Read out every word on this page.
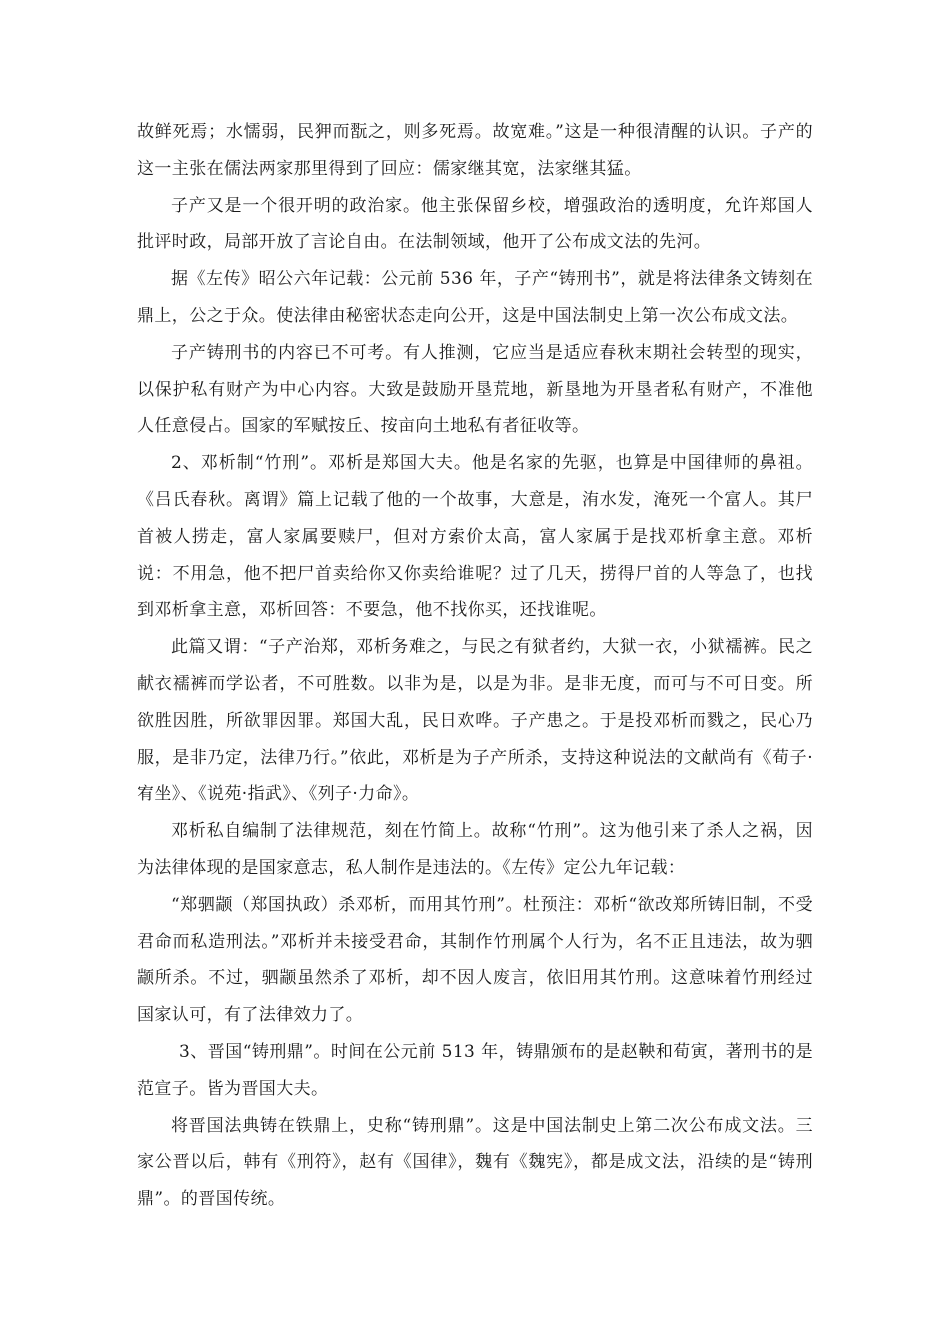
故鲜死焉；水懦弱，民狎而翫之，则多死焉。故宽难。”这是一种很清醒的认识。子产的这一主张在儒法两家那里得到了回应：儒家继其宽，法家继其猛。

子产又是一个很开明的政治家。他主张保留乡校，增强政治的透明度，允许郑国人批评时政，局部开放了言论自由。在法制领域，他开了公布成文法的先河。

据《左传》昭公六年记载：公元前 536 年，子产“铸刑书”，就是将法律条文铸刻在鼎上，公之于众。使法律由秘密状态走向公开，这是中国法制史上第一次公布成文法。

子产铸刑书的内容已不可考。有人推测，它应当是适应春秋末期社会转型的现实，以保护私有财产为中心内容。大致是鼓励开垦荒地，新垦地为开垦者私有财产，不准他人任意侵占。国家的军赋按丘、按亩向土地私有者征收等。

2、邓析制“竹刑”。邓析是郑国大夫。他是名家的先驱，也算是中国律师的鼻祖。《吕氏春秋。离谓》篇上记载了他的一个故事，大意是，洧水发，淹死一个富人。其尸首被人捞走，富人家属要赎尸，但对方索价太高，富人家属于是找邓析拿主意。邓析说：不用急，他不把尸首卖给你又你卖给谁呢？过了几天，捞得尸首的人等急了，也找到邓析拿主意，邓析回答：不要急，他不找你买，还找谁呢。

此篇又谓：“子产治郑，邓析务难之，与民之有狱者约，大狱一衣，小狱襦裤。民之献衣襦裤而学讼者，不可胜数。以非为是，以是为非。是非无度，而可与不可日变。所欲胜因胜，所欲罪因罪。郑国大乱，民日欢哗。子产患之。于是投邓析而戮之，民心乃服，是非乃定，法律乃行。”依此，邓析是为子产所杀，支持这种说法的文献尚有《荀子·宥坐》、《说苑·指武》、《列子·力命》。

邓析私自编制了法律规范，刻在竹简上。故称“竹刑”。这为他引来了杀人之祸，因为法律体现的是国家意志，私人制作是违法的。《左传》定公九年记载：

“郑驷颛（郑国执政）杀邓析，而用其竹刑”。杜预注：邓析“欲改郑所铸旧制，不受君命而私造刑法。”邓析并未接受君命，其制作竹刑属个人行为，名不正且违法，故为驷颛所杀。不过，驷颛虽然杀了邓析，却不因人废言，依旧用其竹刑。这意味着竹刑经过国家认可，有了法律效力了。

3、晋国“铸刑鼎”。时间在公元前 513 年，铸鼎颁布的是赵鞅和荀寅，著刑书的是范宣子。皆为晋国大夫。

将晋国法典铸在铁鼎上，史称“铸刑鼎”。这是中国法制史上第二次公布成文法。三家公晋以后，韩有《刑符》，赵有《国律》，魏有《魏宪》，都是成文法，沿续的是“铸刑鼎”。的晋国传统。
